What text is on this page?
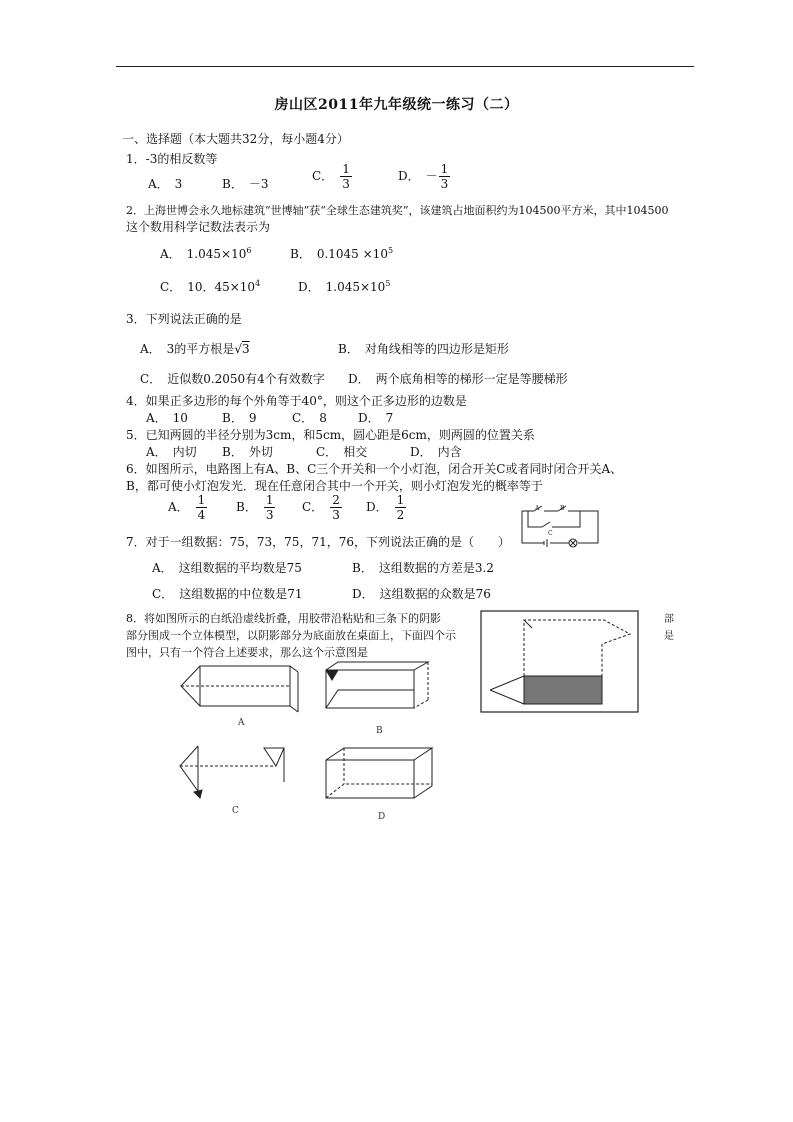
房山区2011年九年级统一练习（二）
一、选择题（本大题共32分，每小题4分）
1．-3的相反数等
A． 3	B． －3
C． $\frac{1}{3}$	D． － $\frac{1}{3}$
2．上海世博会永久地标建筑“世博轴”获“全球生态建筑奖”，该建筑占地面积约为104500平方米，其中104500
这个数用科学记数法表示为
A． $1.045\times 10^6$	B． $0.1045 \times 10^5$
C． 10．$45\times 10^4$	D． $1.045\times 10^5$
3．下列说法正确的是
A． 3的平方根是√3	B． 对角线相等的四边形是矩形
C． 近似数0.2050有4个有效数字 D． 两个底角相等的梯形一定是等腰梯形
4．如果正多边形的每个外角等于40°，则这个正多边形的边数是
A． 10	B． 9	C． 8	D． 7
5．已知两圆的半径分别为3cm，和5cm，圆心距是6cm，则两圆的位置关系
A． 内切 B． 外切	C． 相交	D． 内含
6．如图所示，电路图上有A、B、C三个开关和一个小灯泡，闭合开关C或者同时闭合开关A、
B，都可使小灯泡发光．现在任意闭合其中一个开关，则小灯泡发光的概率等于
A． $\frac{1}{4}$ B． $\frac{1}{3}$ C． $\frac{2}{3}$ D． $\frac{1}{2}$	A	B
C
7．对于一组数据：75，73，75，71，76，下列说法正确的是（　　）
A． 这组数据的平均数是75	B． 这组数据的方差是3.2
C． 这组数据的中位数是71	D． 这组数据的众数是76
8．将如图所示的白纸沿虚线折叠，用胶带沿粘贴和三条下的阴影
部分围成一个立体模型，以阴影部分为底面放在桌面上，下面四个示
图中，只有一个符合上述要求，那么这个示意图是
部
是
A
B
C
D
